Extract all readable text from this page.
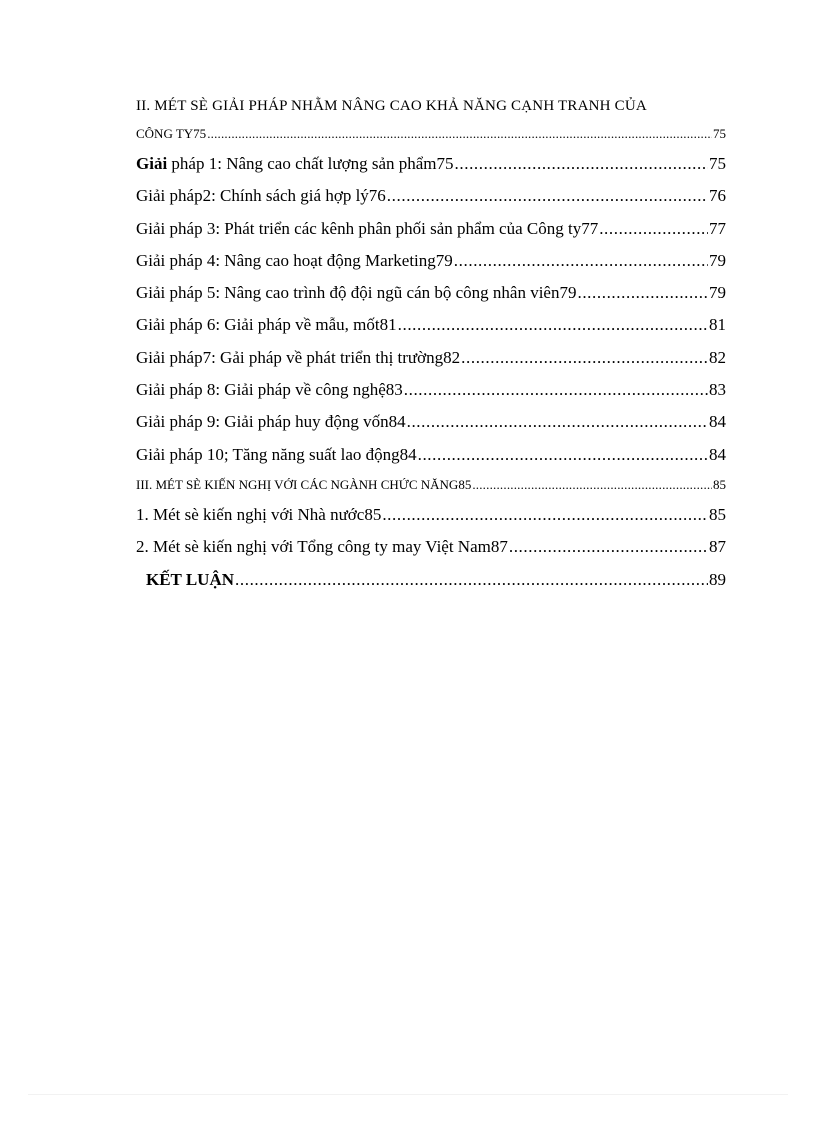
II. MÉT SÈ GIẢI PHÁP NHẰM NÂNG CAO KHẢ NĂNG CẠNH TRANH CỦA
CÔNG TY75 .....	75
Giải pháp 1: Nâng cao chất lượng sản phẩm75 .....	75
Giải pháp2: Chính sách giá hợp lý76 .....	76
Giải pháp 3: Phát triển các kênh phân phối sản phẩm của Công ty77 .....	77
Giải pháp 4: Nâng cao hoạt động Marketing79 .....	79
Giải pháp 5: Nâng cao trình độ đội ngũ cán bộ công nhân viên79 .....	79
Giải pháp 6: Giải pháp về mẫu, mốt81 .....	81
Giải pháp7: Gải pháp về phát triển thị trường82 .....	82
Giải pháp 8: Giải pháp về công nghệ83 .....	83
Giải pháp 9: Giải pháp huy động vốn84 .....	84
Giải pháp 10; Tăng năng suất lao động84 .....	84
III. MÉT SÈ KIẾN NGHỊ VỚI CÁC NGÀNH CHỨC NĂNG85 .....	85
1. Mét sè kiến nghị với Nhà nước85 .....	85
2. Mét sè kiến nghị với Tổng công ty may Việt Nam87 .....	87
KẾT LUẬN .....	89
